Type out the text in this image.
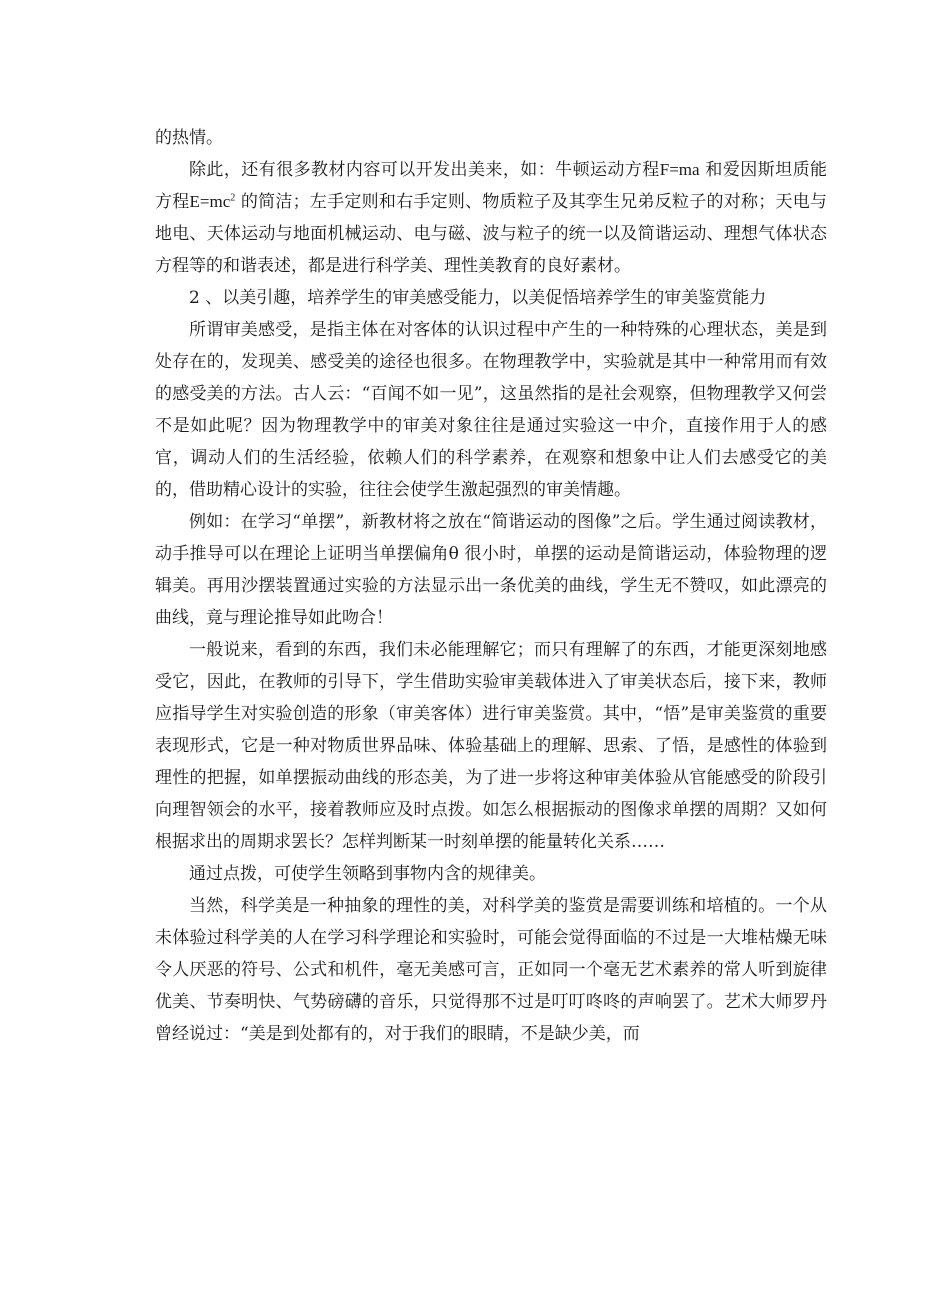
的热情。

除此，还有很多教材内容可以开发出美来，如：牛顿运动方程F=ma 和爱因斯坦质能方程$E=mc^2$ 的简洁；左手定则和右手定则、物质粒子及其孪生兄弟反粒子的对称；天电与地电、天体运动与地面机械运动、电与磁、波与粒子的统一以及简谐运动、理想气体状态方程等的和谐表述，都是进行科学美、理性美教育的良好素材。

2 、以美引趣，培养学生的审美感受能力，以美促悟培养学生的审美鉴赏能力

所谓审美感受，是指主体在对客体的认识过程中产生的一种特殊的心理状态，美是到处存在的，发现美、感受美的途径也很多。在物理教学中，实验就是其中一种常用而有效的感受美的方法。古人云：“百闻不如一见”，这虽然指的是社会观察，但物理教学又何尝不是如此呢？因为物理教学中的审美对象往往是通过实验这一中介，直接作用于人的感官，调动人们的生活经验，依赖人们的科学素养，在观察和想象中让人们去感受它的美的，借助精心设计的实验，往往会使学生激起强烈的审美情趣。

例如：在学习“单摆”，新教材将之放在“简谐运动的图像”之后。学生通过阅读教材，动手推导可以在理论上证明当单摆偏角θ 很小时，单摆的运动是简谐运动，体验物理的逻辑美。再用沙摆装置通过实验的方法显示出一条优美的曲线，学生无不赞叹，如此漂亮的曲线，竟与理论推导如此吻合！

一般说来，看到的东西，我们未必能理解它；而只有理解了的东西，才能更深刻地感受它，因此，在教师的引导下，学生借助实验审美载体进入了审美状态后，接下来，教师应指导学生对实验创造的形象（审美客体）进行审美鉴赏。其中，“悟”是审美鉴赏的重要表现形式，它是一种对物质世界品味、体验基础上的理解、思索、了悟，是感性的体验到理性的把握，如单摆振动曲线的形态美，为了进一步将这种审美体验从官能感受的阶段引向理智领会的水平，接着教师应及时点拨。如怎么根据振动的图像求单摆的周期？又如何根据求出的周期求罢长？怎样判断某一时刻单摆的能量转化关系……

通过点拨，可使学生领略到事物内含的规律美。

当然，科学美是一种抽象的理性的美，对科学美的鉴赏是需要训练和培植的。一个从未体验过科学美的人在学习科学理论和实验时，可能会觉得面临的不过是一大堆枯燥无味令人厌恶的符号、公式和机件，毫无美感可言，正如同一个毫无艺术素养的常人听到旋律优美、节奏明快、气势磅礴的音乐，只觉得那不过是叮叮咚咚的声响罢了。艺术大师罗丹曾经说过：“美是到处都有的，对于我们的眼睛，不是缺少美，而
